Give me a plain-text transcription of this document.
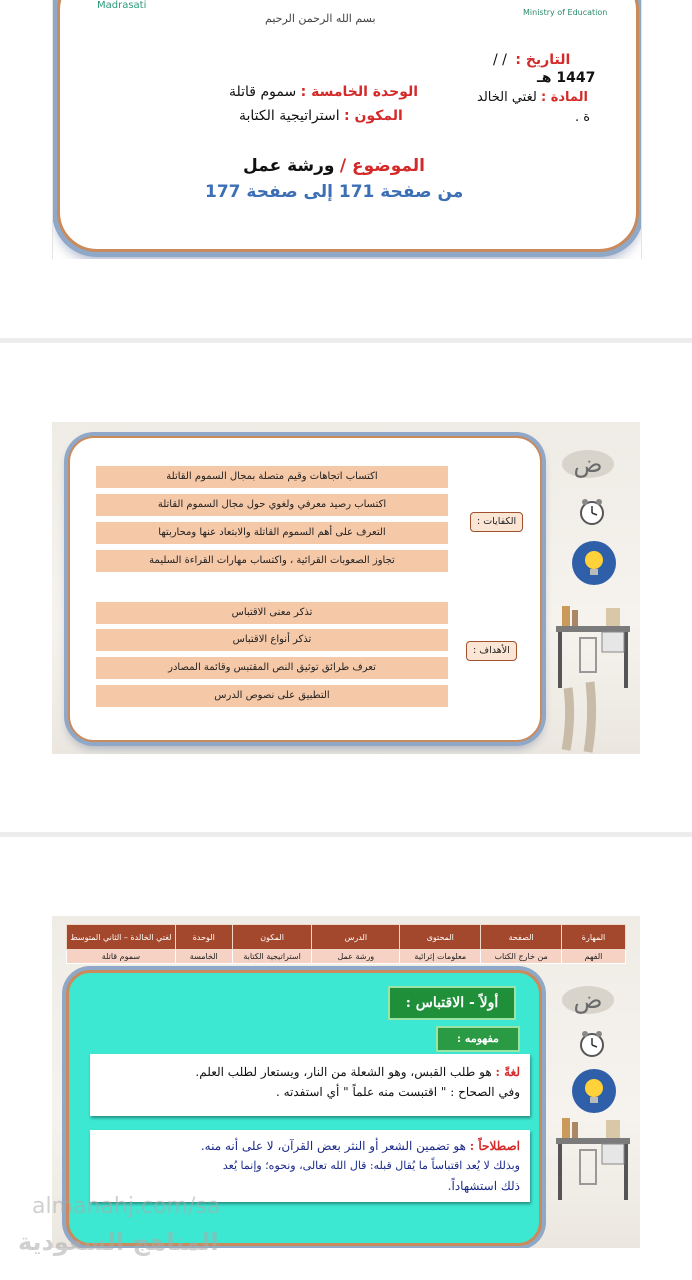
Madrasati
Ministry of Education
بسم الله الرحمن الرحيم
التاريخ : / /
1447 هـ
المادة : لغتي الخالد
ة .
الوحدة الخامسة : سموم قاتلة
المكون : استراتيجية الكتابة
الموضوع / ورشة عمل
من صفحة 171 إلى صفحة 177
اكتساب اتجاهات وقيم متصلة بمجال السموم القاتلة
اكتساب رصيد معرفي ولغوي حول مجال السموم القاتلة
التعرف على أهم السموم القاتلة والابتعاد عنها ومحاربتها
تجاوز الصعوبات القرائية ، واكتساب مهارات القراءة السليمة
الكفايات :
تذكر معنى الاقتباس
تذكر أنواع الاقتباس
تعرف طرائق توثيق النص المقتبس وقائمة المصادر
التطبيق على نصوص الدرس
الأهداف :
ض
المهارة	الصفحة	المحتوى	الدرس	المكون	الوحدة	لغتي الخالدة – الثاني المتوسط
الفهم	من خارج الكتاب	معلومات إثرائية	ورشة عمل	استراتيجية الكتابة	الخامسة	سموم قاتلة
أولاً - الاقتباس :
مفهومه :
لغةً : هو طلب القبس، وهو الشعلة من النار، ويستعار لطلب العلم.
وفي الصحاح : " اقتبست منه علماً " أي استفدته .
اصطلاحاً : هو تضمين الشعر أو النثر بعض القرآن، لا على أنه منه.
وبذلك لا يُعد اقتباساً ما يُقال قبله: قال الله تعالى، ونحوه؛ وإنما يُعد
ذلك استشهاداً.
ض
almanahj.com/sa
المناهج السعودية
